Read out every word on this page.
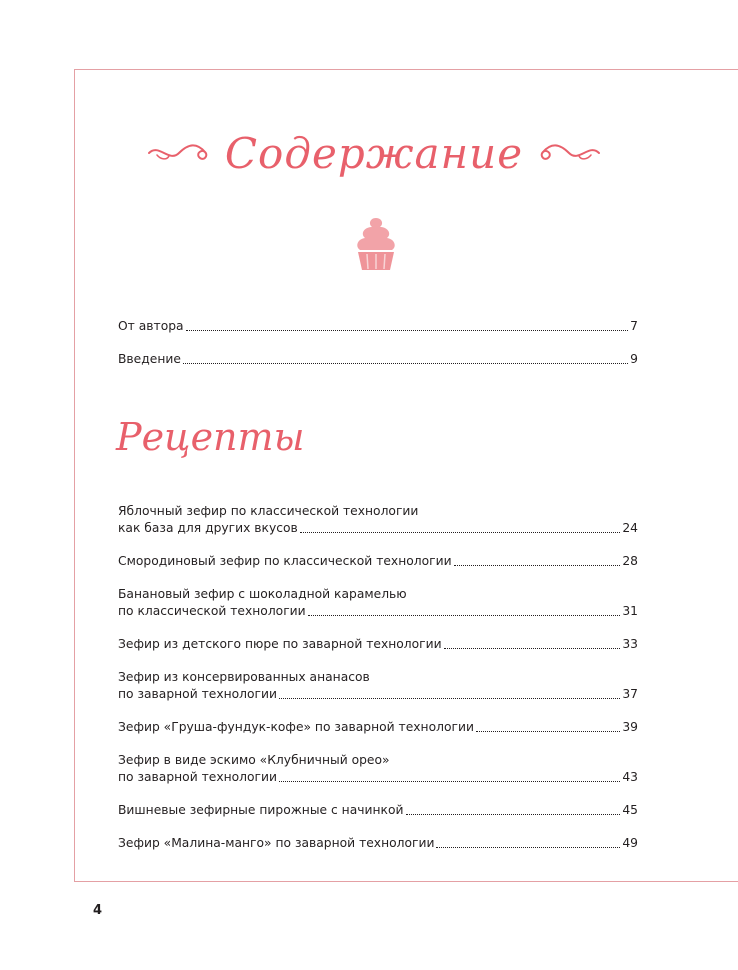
Содержание
От автора	7
Введение	9
Рецепты
Яблочный зефир по классической технологии
как база для других вкусов	24
Смородиновый зефир по классической технологии	28
Банановый зефир с шоколадной карамелью
по классической технологии	31
Зефир из детского пюре по заварной технологии	33
Зефир из консервированных ананасов
по заварной технологии	37
Зефир «Груша-фундук-кофе» по заварной технологии	39
Зефир в виде эскимо «Клубничный орео»
по заварной технологии	43
Вишневые зефирные пирожные с начинкой	45
Зефир «Малина-манго» по заварной технологии	49
4
